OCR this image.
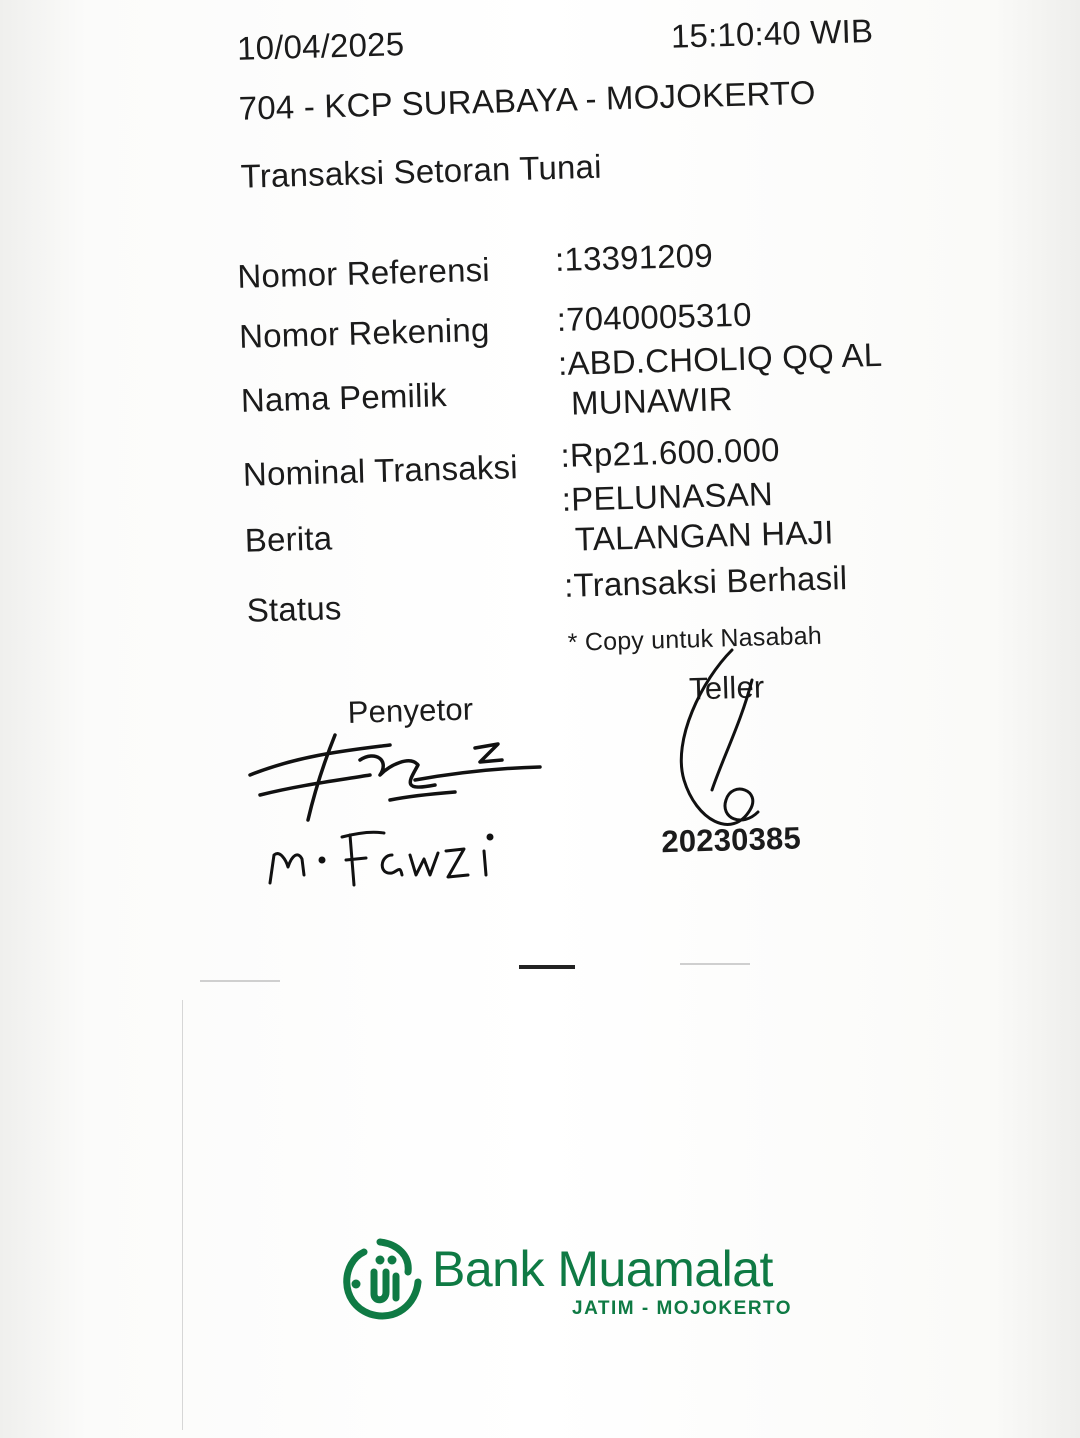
10/04/2025	15:10:40 WIB
704 - KCP SURABAYA - MOJOKERTO
Transaksi Setoran Tunai
Nomor Referensi :13391209
Nomor Rekening :7040005310
Nama Pemilik
:ABD.CHOLIQ QQ AL
MUNAWIR
Nominal Transaksi :Rp21.600.000
Berita
:PELUNASAN
TALANGAN HAJI
Status
:Transaksi Berhasil
* Copy untuk Nasabah
Penyetor
Teller
20230385
Bank Muamalat
JATIM - MOJOKERTO
